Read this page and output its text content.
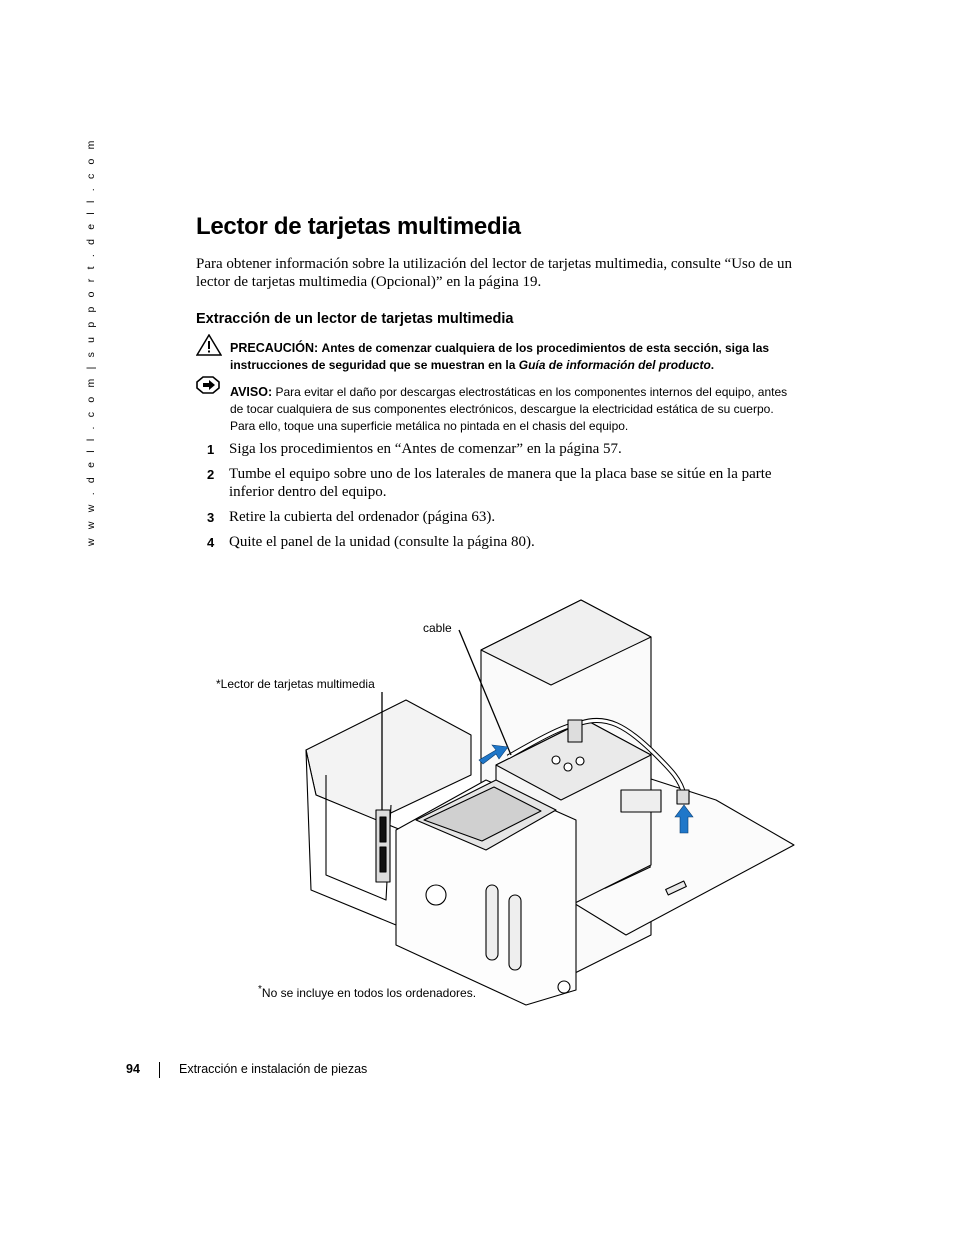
w w w . d e l l . c o m | s u p p o r t . d e l l . c o m	Lector de tarjetas multimedia

Para obtener información sobre la utilización del lector de tarjetas multimedia, consulte “Uso de un lector de tarjetas multimedia (Opcional)” en la página 19.

Extracción de un lector de tarjetas multimedia

PRECAUCIÓN: Antes de comenzar cualquiera de los procedimientos de esta sección, siga las instrucciones de seguridad que se muestran en la Guía de información del producto.

AVISO: Para evitar el daño por descargas electrostáticas en los componentes internos del equipo, antes de tocar cualquiera de sus componentes electrónicos, descargue la electricidad estática de su cuerpo. Para ello, toque una superficie metálica no pintada en el chasis del equipo.

1 Siga los procedimientos en “Antes de comenzar” en la página 57.
2 Tumbe el equipo sobre uno de los laterales de manera que la placa base se sitúe en la parte inferior dentro del equipo.
3 Retire la cubierta del ordenador (página 63).
4 Quite el panel de la unidad (consulte la página 80).
cable
*Lector de tarjetas multimedia
*No se incluye en todos los ordenadores.
94	Extracción e instalación de piezas
